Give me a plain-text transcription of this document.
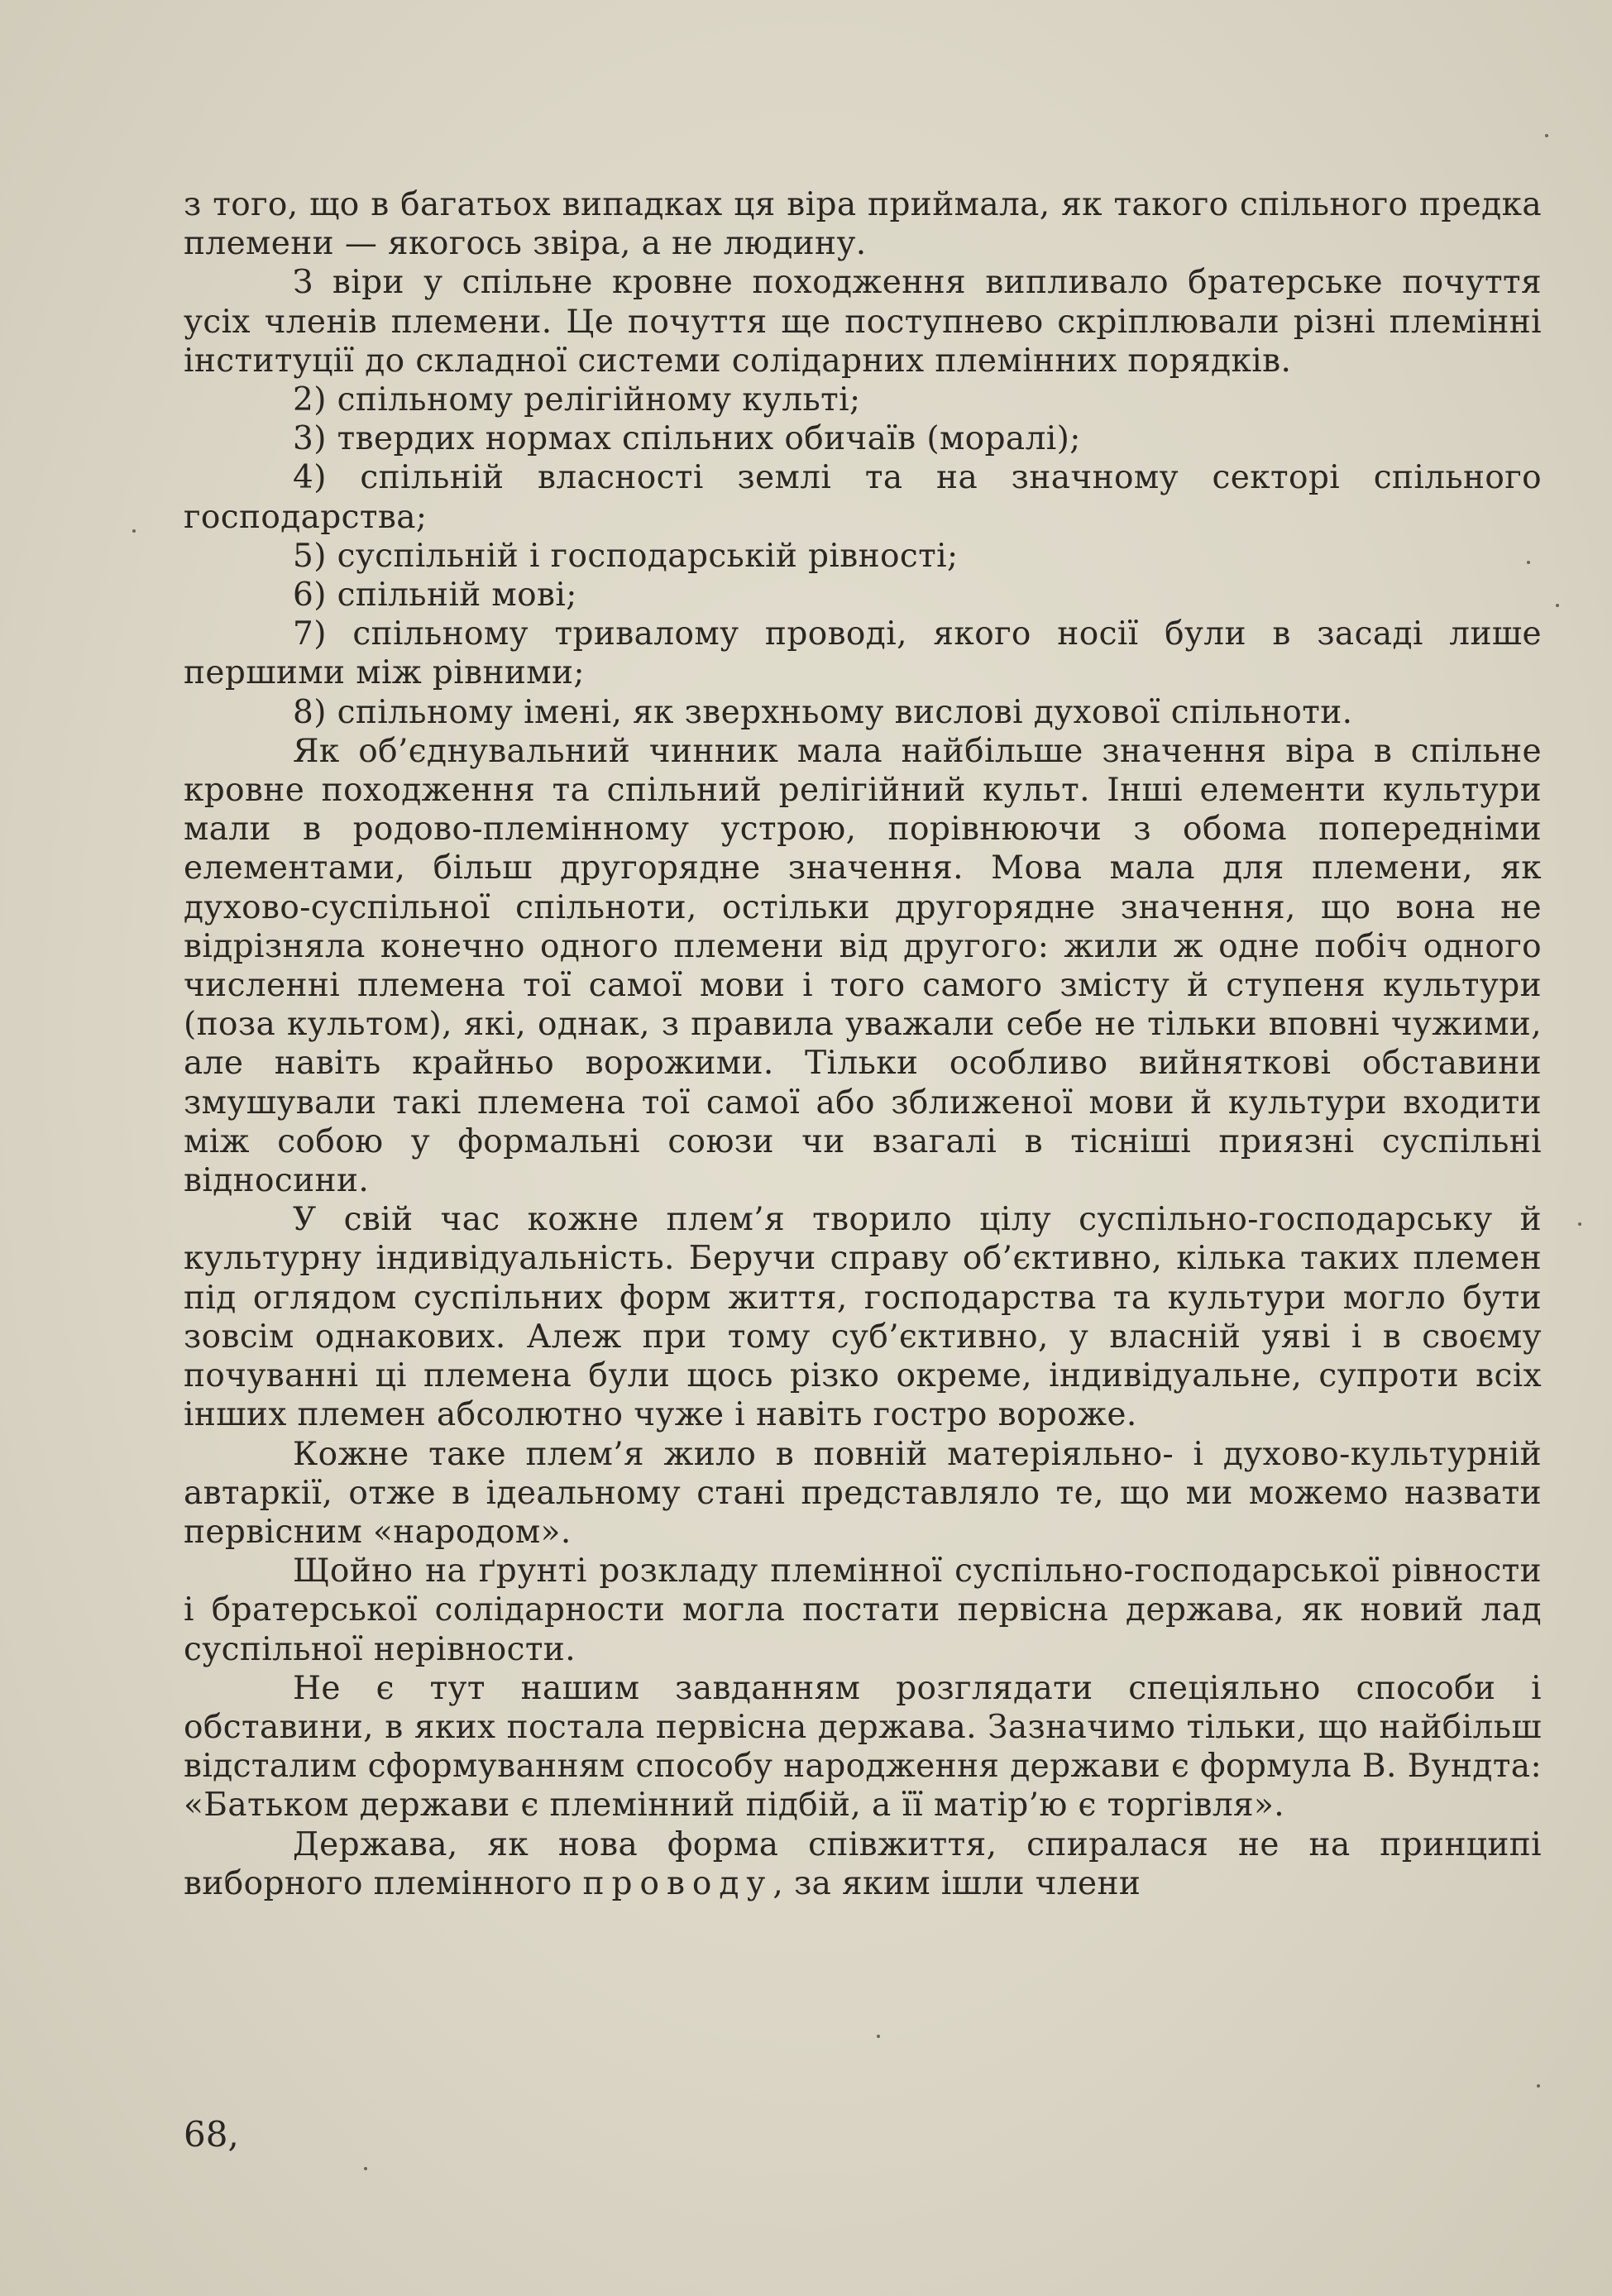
з того, що в багатьох випадках ця віра приймала, як такого спільного предка племени — якогось звіра, а не людину.

З віри у спільне кровне походження випливало братерське почуття усіх членів племени. Це почуття ще поступнево скріплювали різні племінні інституції до складної системи солідарних племінних порядків.

2) спільному релігійному культі;

3) твердих нормах спільних обичаїв (моралі);

4) спільній власності землі та на значному секторі спільного господарства;

5) суспільній і господарській рівності;

6) спільній мові;

7) спільному тривалому проводі, якого носії були в засаді лише першими між рівними;

8) спільному імені, як зверхньому вислові духової спільноти.

Як об’єднувальний чинник мала найбільше значення віра в спільне кровне походження та спільний релігійний культ. Інші елементи культури мали в родово-племінному устрою, порівнюючи з обома попередніми елементами, більш другорядне значення. Мова мала для племени, як духово-суспільної спільноти, остільки другорядне значення, що вона не відрізняла конечно одного племени від другого: жили ж одне побіч одного численні племена тої самої мови і того самого змісту й ступеня культури (поза культом), які, однак, з правила уважали себе не тільки вповні чужими, але навіть крайньо ворожими. Тільки особливо вийняткові обставини змушували такі племена тої самої або зближеної мови й культури входити між собою у формальні союзи чи взагалі в тісніші приязні суспільні відносини.

У свій час кожне плем’я творило цілу суспільно-господарську й культурну індивідуальність. Беручи справу об’єктивно, кілька таких племен під оглядом суспільних форм життя, господарства та культури могло бути зовсім однакових. Алеж при тому суб’єктивно, у власній уяві і в своєму почуванні ці племена були щось різко окреме, індивідуальне, супроти всіх інших племен абсолютно чуже і навіть гостро вороже.

Кожне таке плем’я жило в повній матеріяльно- і духово-культурній автаркії, отже в ідеальному стані представляло те, що ми можемо назвати первісним «народом».

Щойно на ґрунті розкладу племінної суспільно-господарської рівности і братерської солідарности могла постати первісна держава, як новий лад суспільної нерівности.

Не є тут нашим завданням розглядати спеціяльно способи і обставини, в яких постала первісна держава. Зазначимо тільки, що найбільш відсталим сформуванням способу народження держави є формула В. Вундта: «Батьком держави є племінний підбій, а її матір’ю є торгівля».

Держава, як нова форма співжиття, спиралася не на принципі виборного племінного проводу, за яким ішли члени

68,
